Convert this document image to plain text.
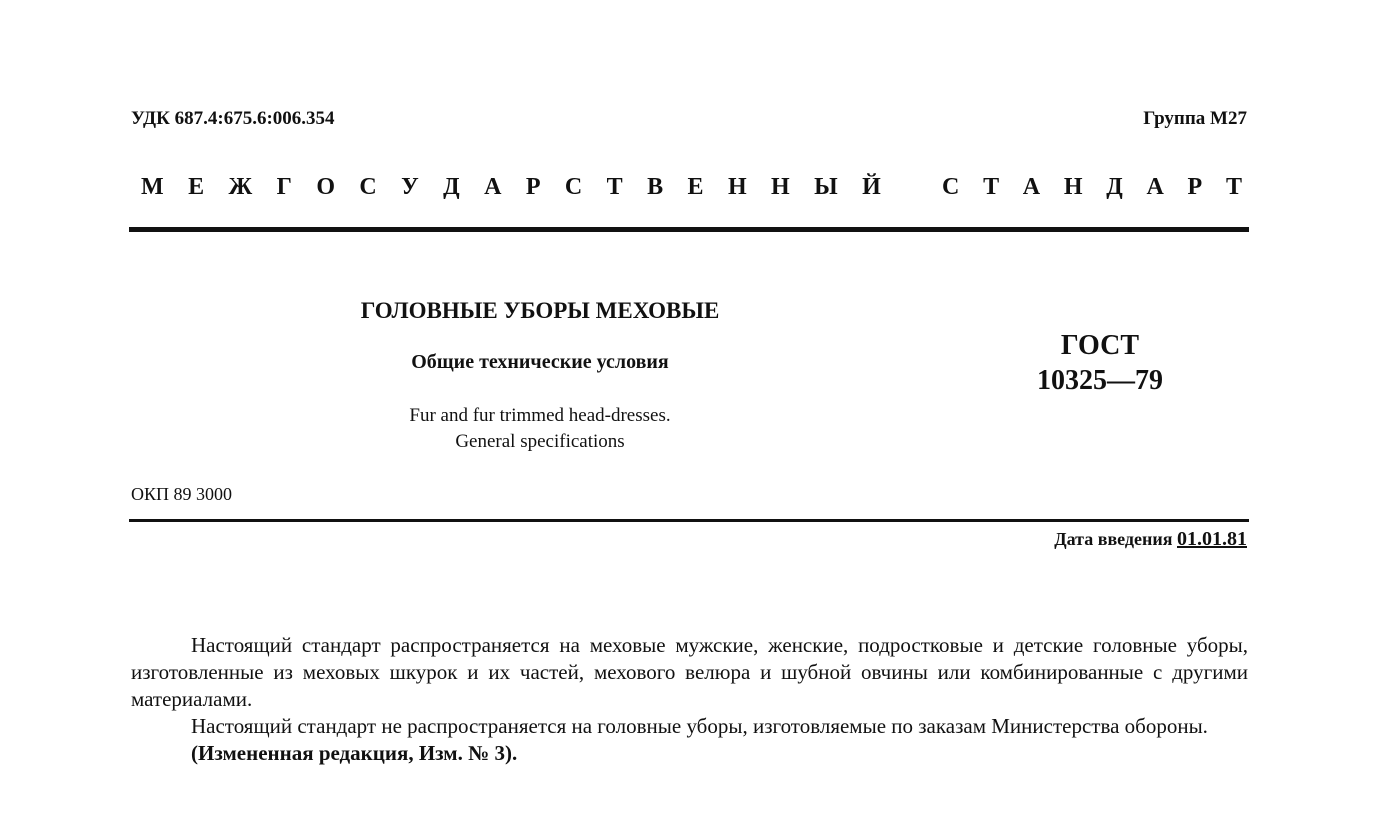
УДК 687.4:675.6:006.354	Группа М27
М Е Ж Г О С У Д А Р С Т В Е Н Н Ы Й	С Т А Н Д А Р Т
ГОЛОВНЫЕ УБОРЫ МЕХОВЫЕ
Общие технические условия
Fur and fur trimmed head-dresses.
General specifications
ГОСТ
10325—79
ОКП 89 3000
Дата введения 01.01.81

Настоящий стандарт распространяется на меховые мужские, женские, подростковые и детские головные уборы, изготовленные из меховых шкурок и их частей, мехового велюра и шубной овчины или комбинированные с другими материалами.

Настоящий стандарт не распространяется на головные уборы, изготовляемые по заказам Министерства обороны.

(Измененная редакция, Изм. № 3).
